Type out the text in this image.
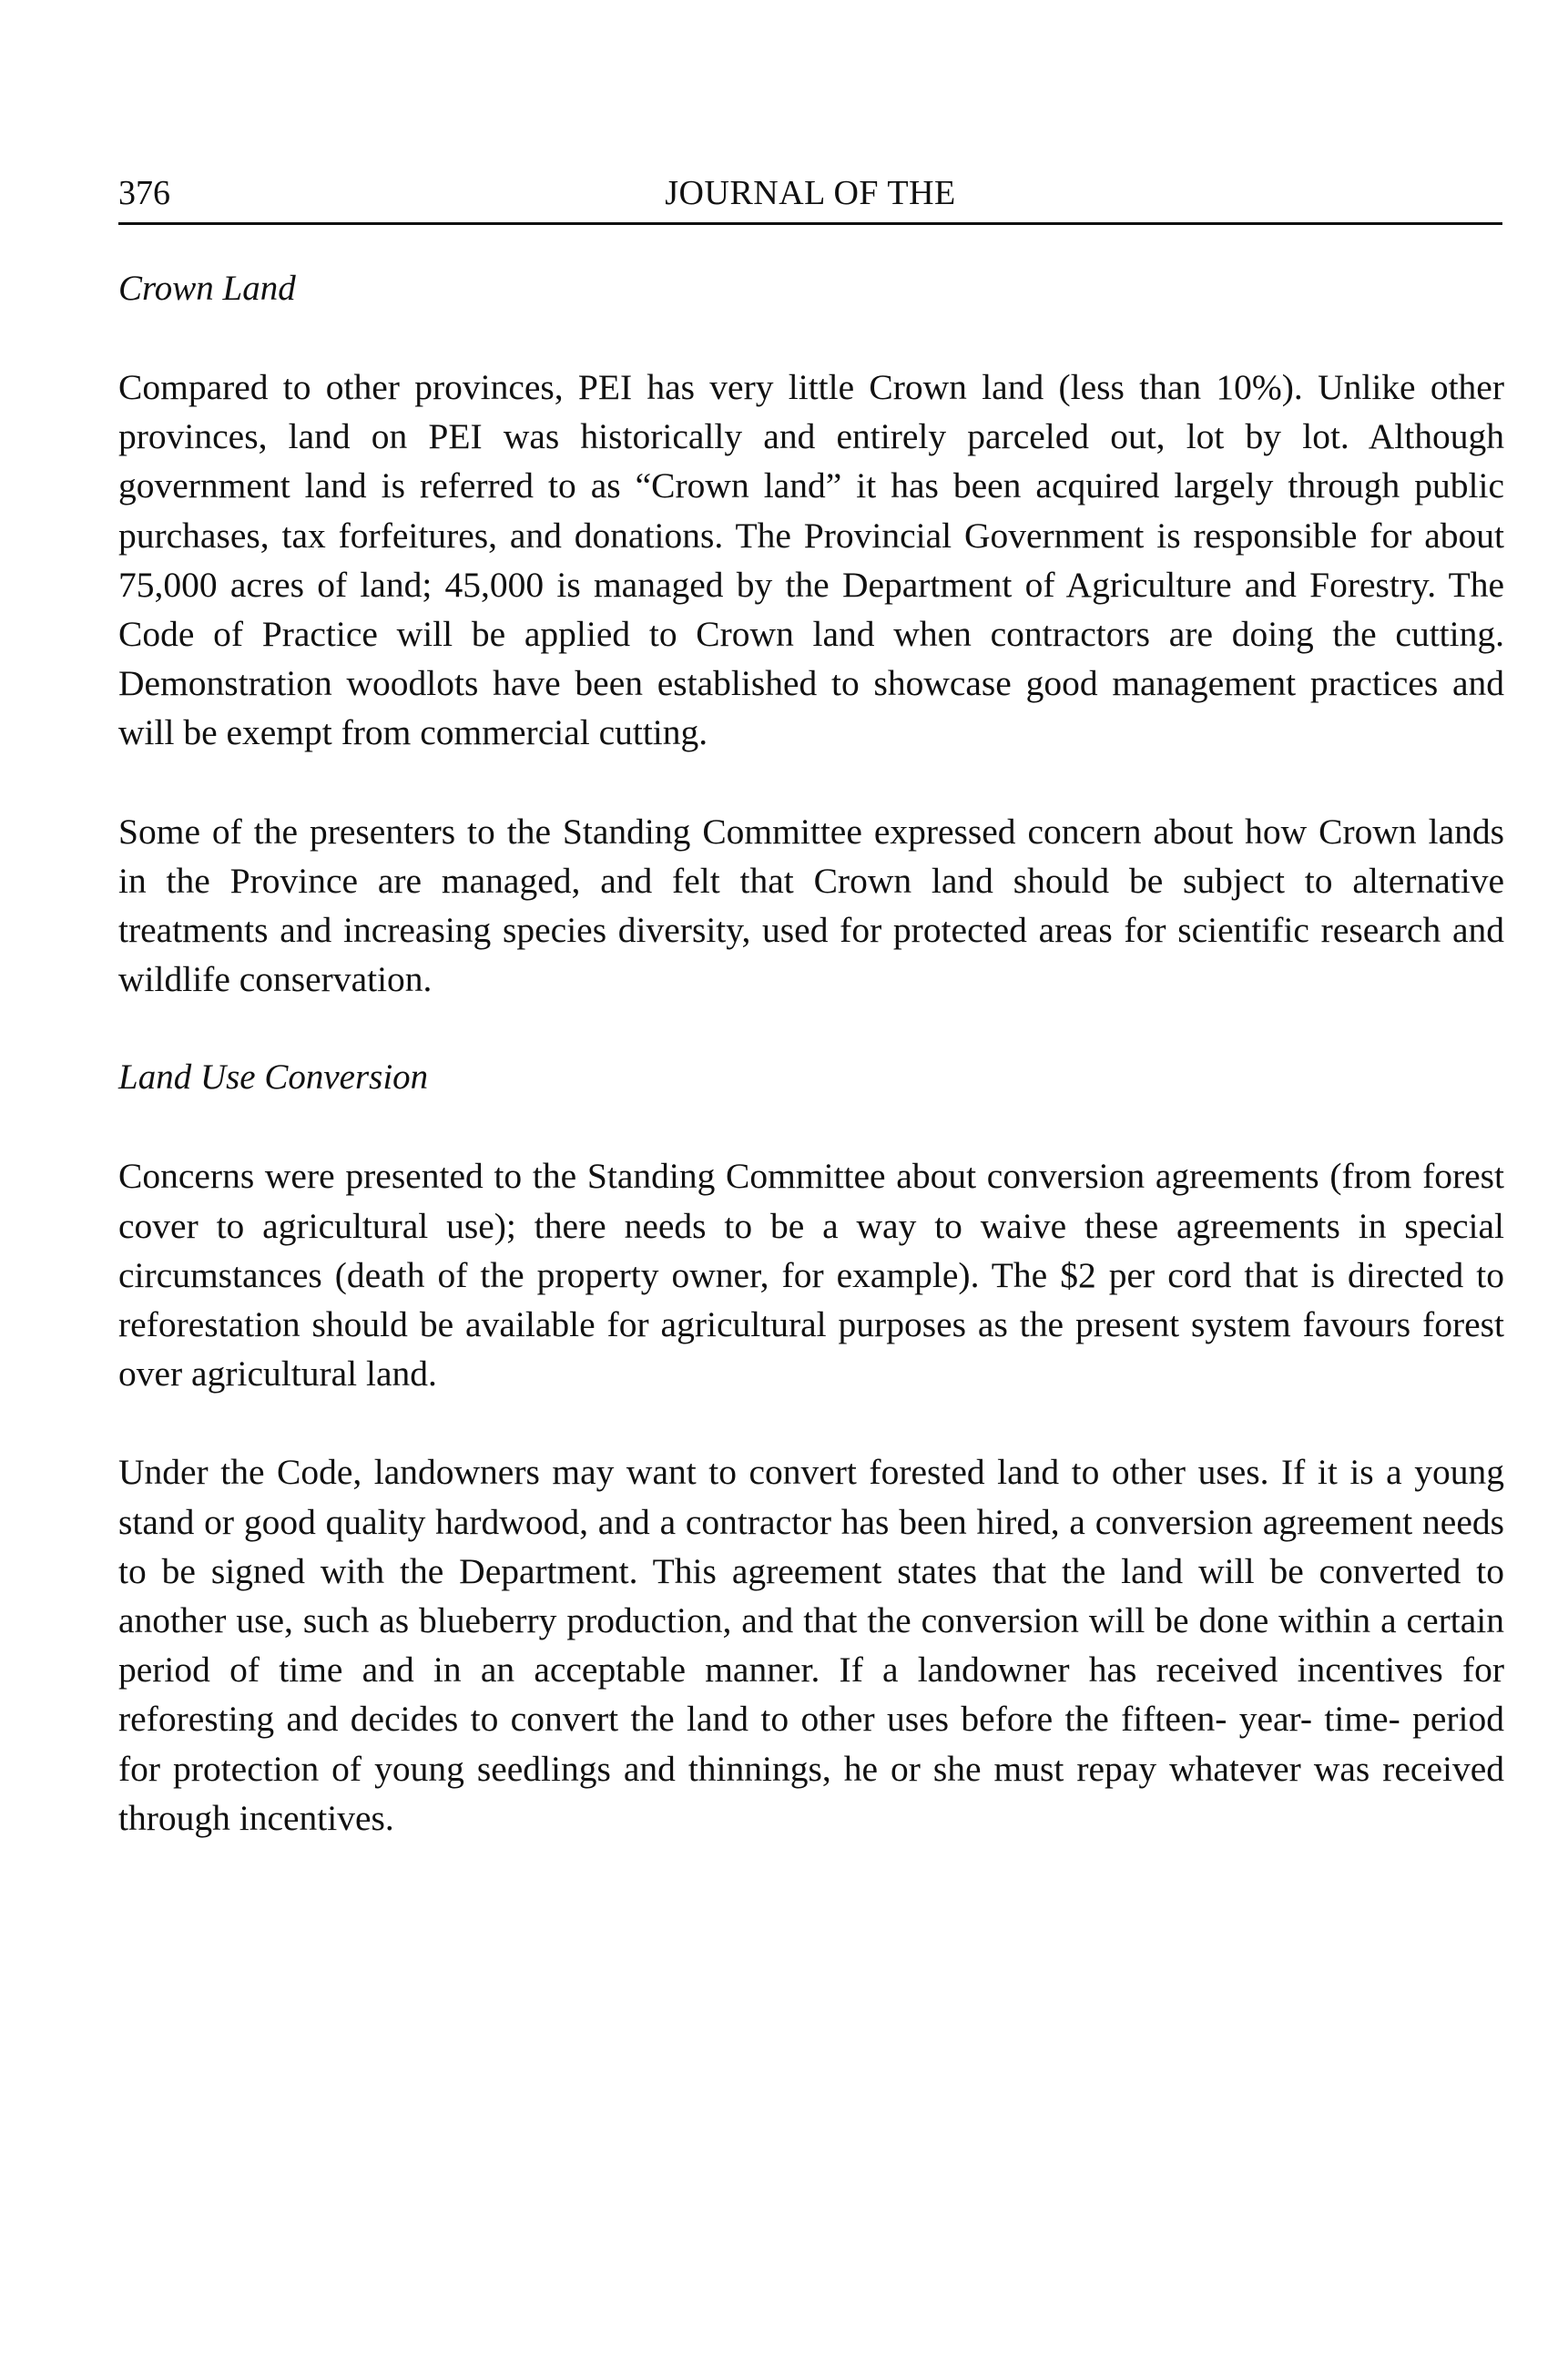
376	JOURNAL OF THE
Crown Land

Compared to other provinces, PEI has very little Crown land (less than 10%). Unlike other provinces, land on PEI was historically and entirely parceled out, lot by lot. Although government land is referred to as “Crown land” it has been acquired largely through public purchases, tax forfeitures, and donations. The Provincial Government is responsible for about 75,000 acres of land; 45,000 is managed by the Department of Agriculture and Forestry. The Code of Practice will be applied to Crown land when contractors are doing the cutting. Demonstration woodlots have been established to showcase good management practices and will be exempt from commercial cutting.

Some of the presenters to the Standing Committee expressed concern about how Crown lands in the Province are managed, and felt that Crown land should be subject to alternative treatments and increasing species diversity, used for protected areas for scientific research and wildlife conservation.

Land Use Conversion

Concerns were presented to the Standing Committee about conversion agreements (from forest cover to agricultural use); there needs to be a way to waive these agreements in special circumstances (death of the property owner, for example). The $2 per cord that is directed to reforestation should be available for agricultural purposes as the present system favours forest over agricultural land.

Under the Code, landowners may want to convert forested land to other uses. If it is a young stand or good quality hardwood, and a contractor has been hired, a conversion agreement needs to be signed with the Department. This agreement states that the land will be converted to another use, such as blueberry production, and that the conversion will be done within a certain period of time and in an acceptable manner. If a landowner has received incentives for reforesting and decides to convert the land to other uses before the fifteen- year- time- period for protection of young seedlings and thinnings, he or she must repay whatever was received through incentives.
